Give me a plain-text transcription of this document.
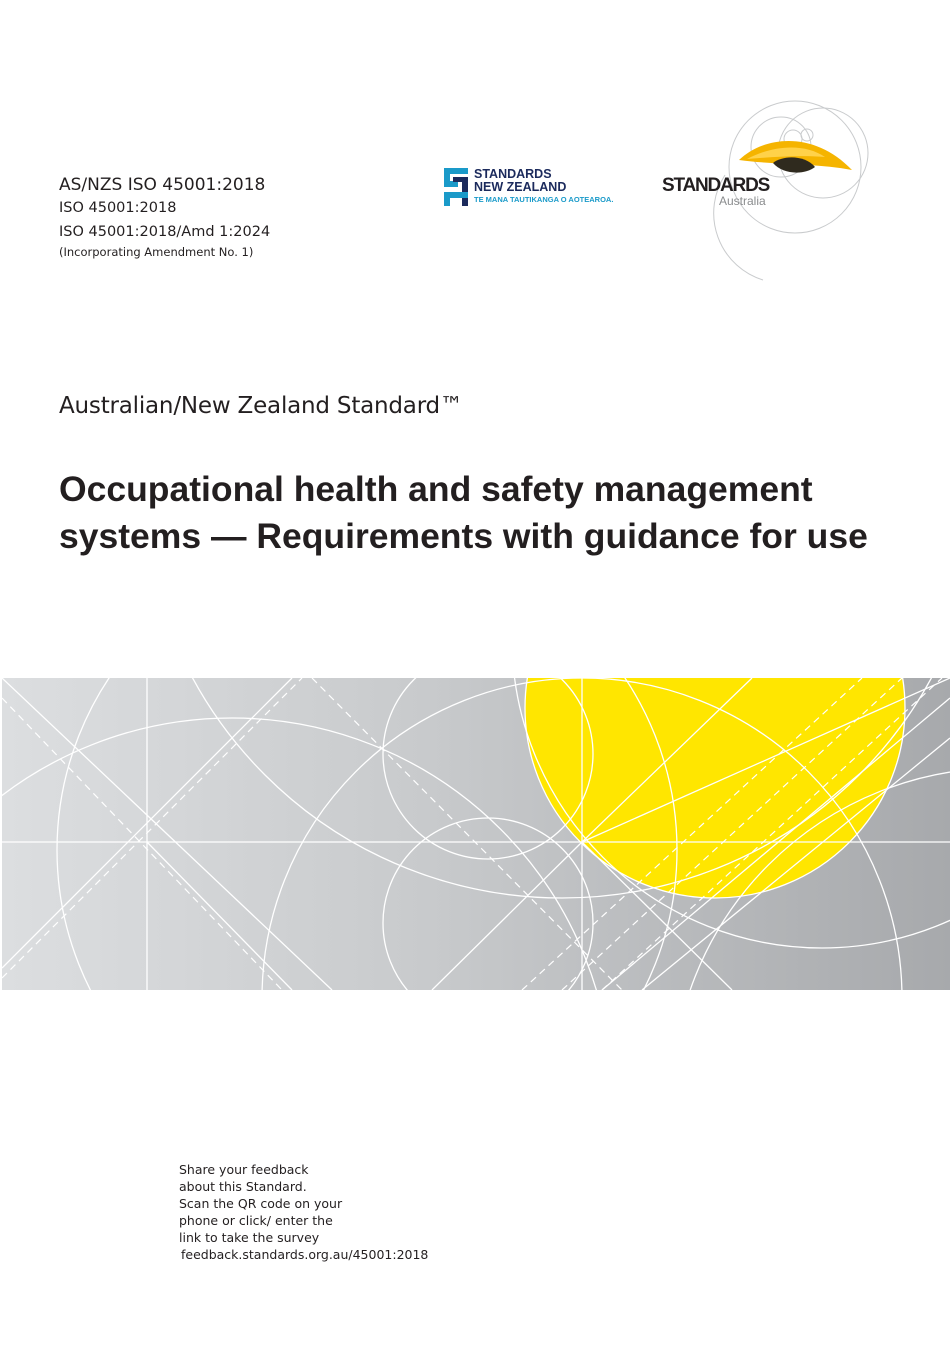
AS/NZS ISO 45001:2018
ISO 45001:2018
ISO 45001:2018/Amd 1:2024
(Incorporating Amendment No. 1)
STANDARDS
NEW ZEALAND
TE MANA TAUTIKANGA O AOTEAROA.
STANDARDS
Australia
Australian/New Zealand Standard™
Occupational health and safety management systems — Requirements with guidance for use
Share your feedback
about this Standard.
Scan the QR code on your
phone or click/ enter the
link to take the survey
feedback.standards.org.au/45001:2018
